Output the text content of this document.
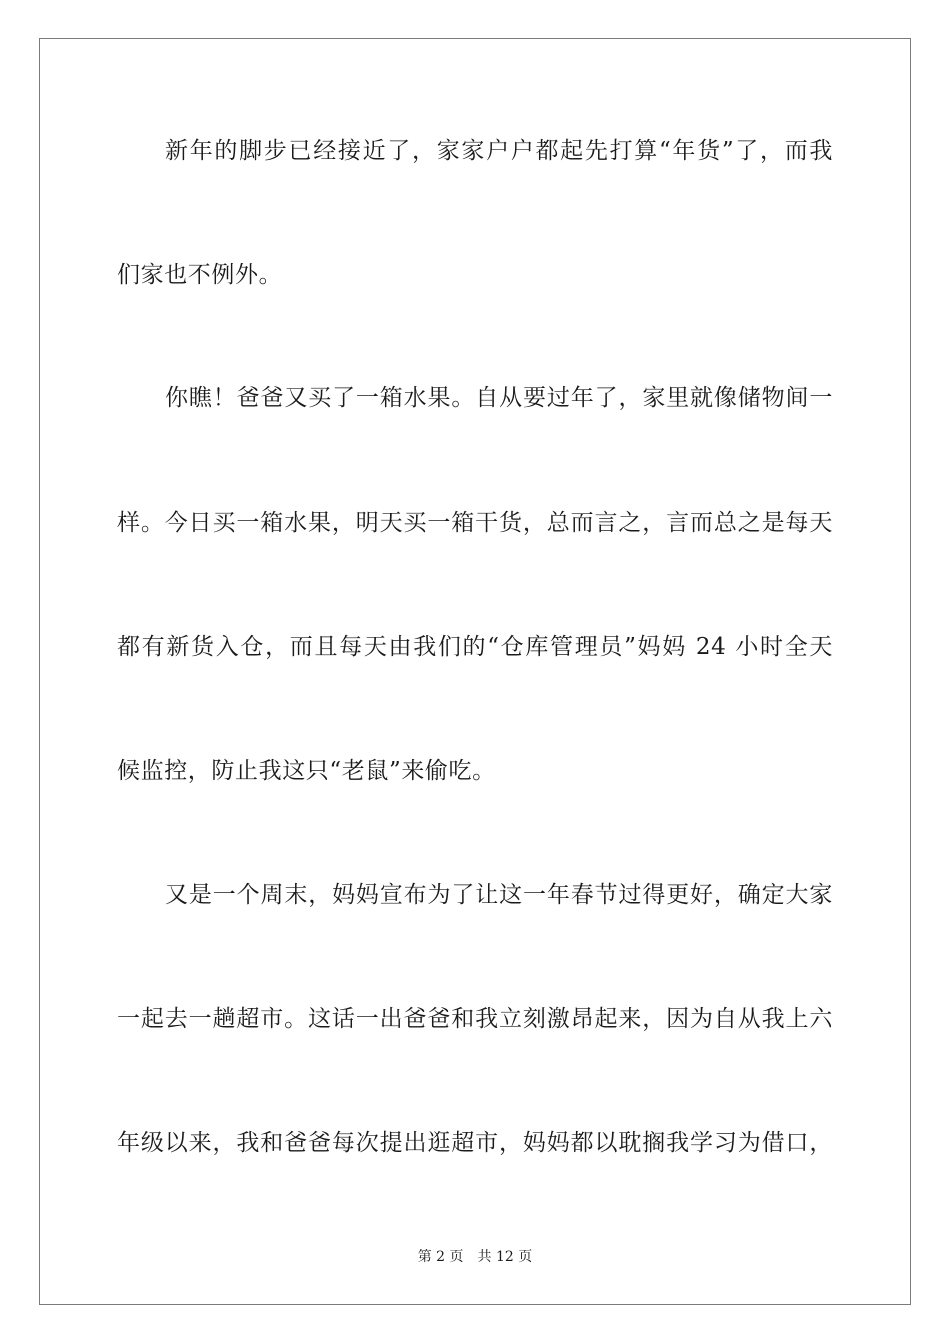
新年的脚步已经接近了，家家户户都起先打算“年货”了，而我
们家也不例外。
你瞧！爸爸又买了一箱水果。自从要过年了，家里就像储物间一
样。今日买一箱水果，明天买一箱干货，总而言之，言而总之是每天
都有新货入仓，而且每天由我们的“仓库管理员”妈妈 24 小时全天
候监控，防止我这只“老鼠”来偷吃。
又是一个周末，妈妈宣布为了让这一年春节过得更好，确定大家
一起去一趟超市。这话一出爸爸和我立刻激昂起来，因为自从我上六
年级以来，我和爸爸每次提出逛超市，妈妈都以耽搁我学习为借口，
第 2 页 共 12 页
